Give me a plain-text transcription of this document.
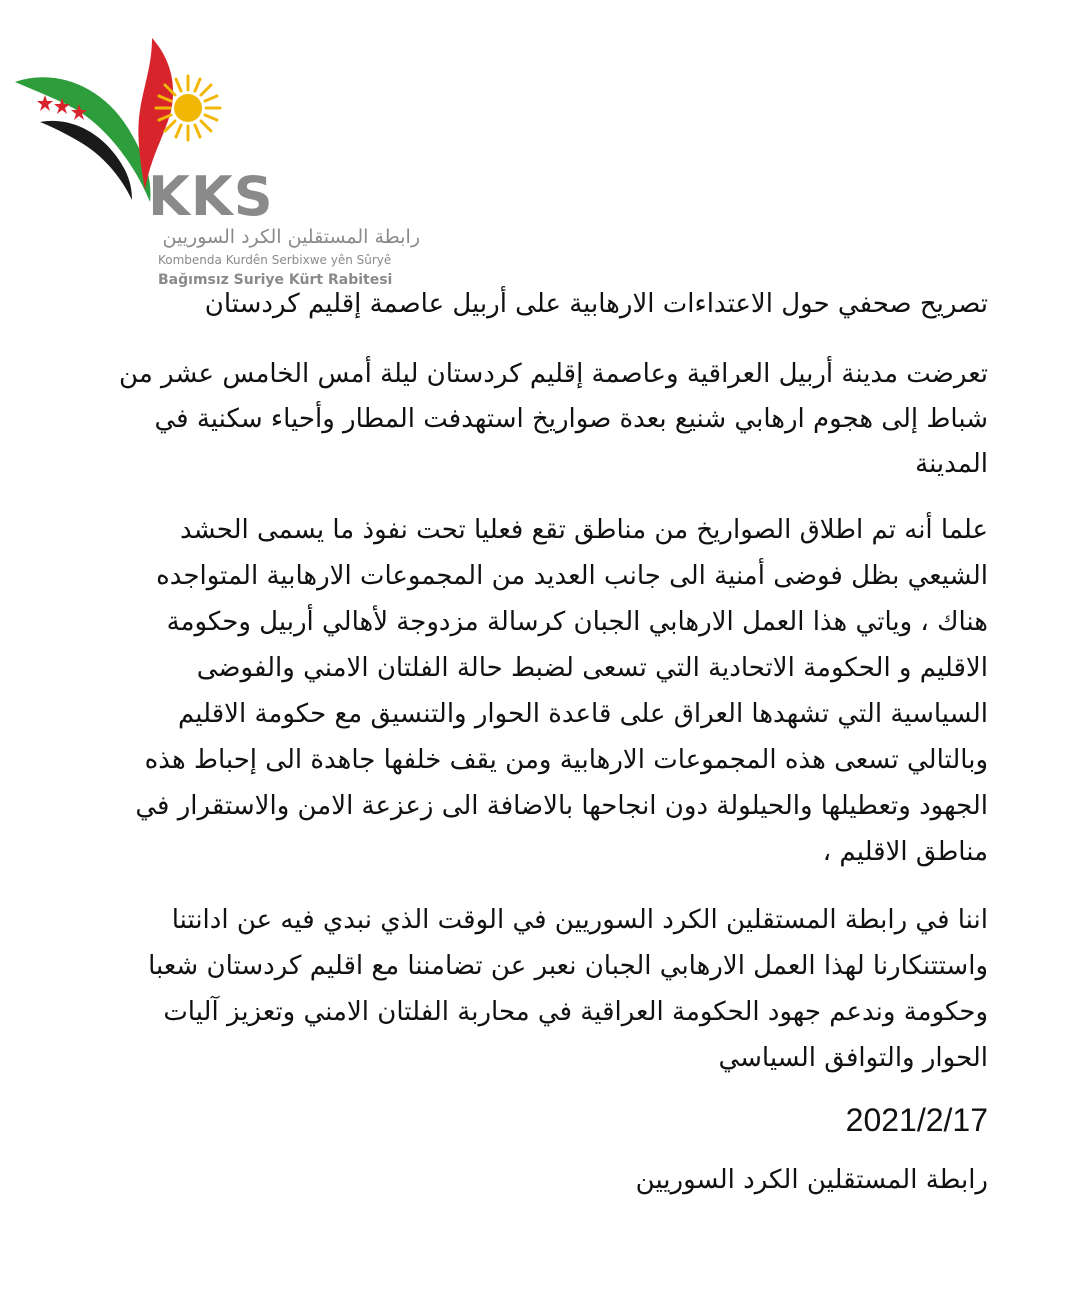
KKS
رابطة المستقلين الكرد السوريين
Kombenda Kurdên Serbixwe yên Sûryê
Bağımsız Suriye Kürt Rabitesi

تصريح صحفي حول الاعتداءات الارهابية على أربيل عاصمة إقليم كردستان

تعرضت مدينة أربيل العراقية وعاصمة إقليم كردستان ليلة أمس الخامس عشر من شباط إلى هجوم ارهابي شنيع بعدة صواريخ استهدفت المطار وأحياء سكنية في المدينة

علما أنه تم اطلاق الصواريخ من مناطق تقع فعليا تحت نفوذ ما يسمى الحشد الشيعي بظل فوضى أمنية الى جانب العديد من المجموعات الارهابية المتواجده هناك ، وياتي هذا العمل الارهابي الجبان كرسالة مزدوجة لأهالي أربيل وحكومة الاقليم و الحكومة الاتحادية التي تسعى لضبط حالة الفلتان الامني والفوضى السياسية التي تشهدها العراق على قاعدة الحوار والتنسيق مع حكومة الاقليم وبالتالي تسعى هذه المجموعات الارهابية ومن يقف خلفها جاهدة الى إحباط هذه الجهود وتعطيلها والحيلولة دون انجاحها بالاضافة الى زعزعة الامن والاستقرار في مناطق الاقليم ،

اننا في رابطة المستقلين الكرد السوريين في الوقت الذي نبدي فيه عن ادانتنا واستتنكارنا لهذا العمل الارهابي الجبان نعبر عن تضامننا مع اقليم كردستان شعبا وحكومة وندعم جهود الحكومة العراقية في محاربة الفلتان الامني وتعزيز آليات الحوار والتوافق السياسي

2021/2/17
رابطة المستقلين الكرد السوريين
